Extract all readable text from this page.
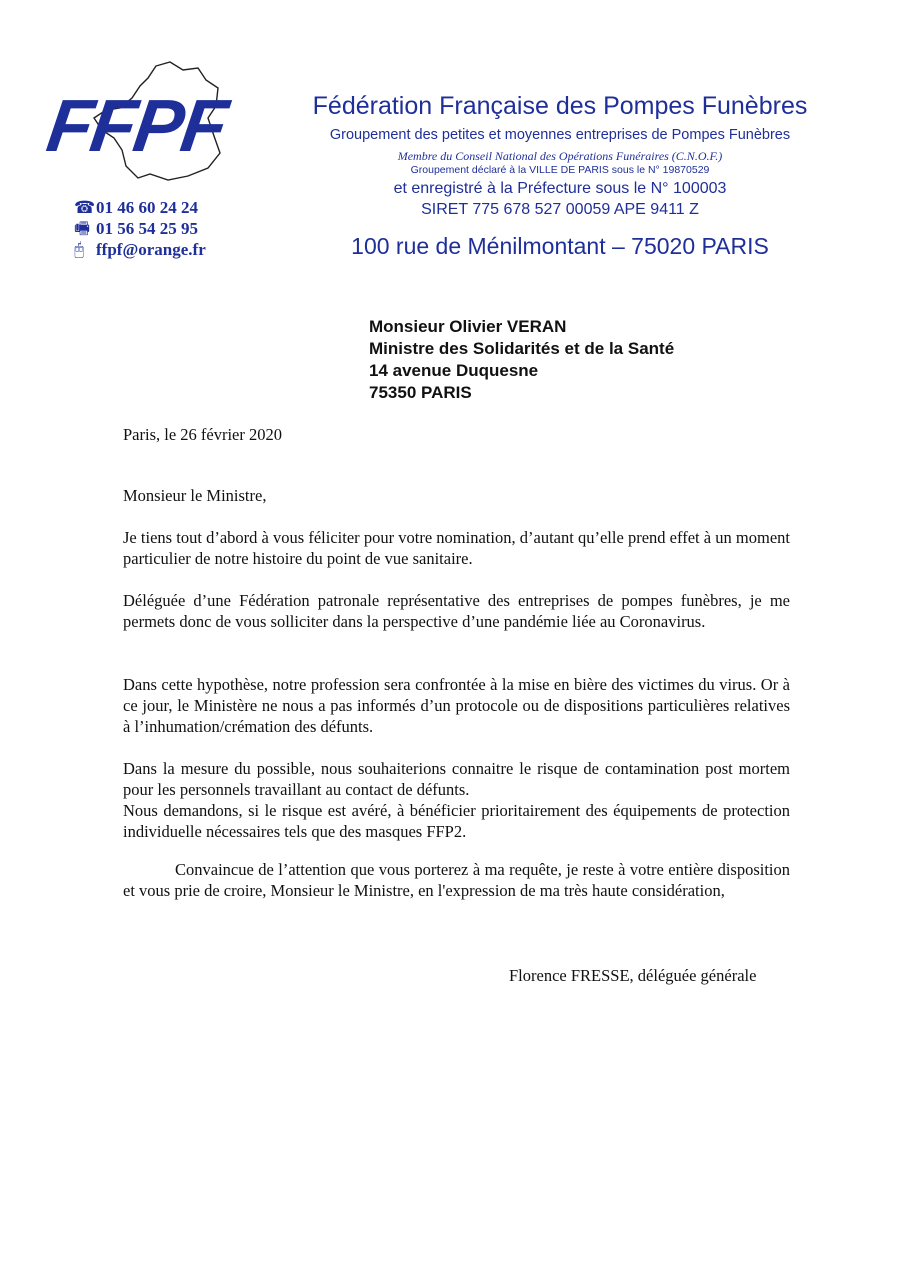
FFPF
☎01 46 60 24 24
🖷 01 56 54 25 95
🖰 ffpf@orange.fr
Fédération Française des Pompes Funèbres
Groupement des petites et moyennes entreprises de Pompes Funèbres
Membre du Conseil National des Opérations Funéraires (C.N.O.F.)
Groupement déclaré à la VILLE DE PARIS sous le N° 19870529
et enregistré à la Préfecture sous le N° 100003
SIRET 775 678 527 00059 APE 9411 Z
100 rue de Ménilmontant – 75020 PARIS
Monsieur Olivier VERAN
Ministre des Solidarités et de la Santé
14 avenue Duquesne
75350 PARIS
Paris, le 26 février 2020
Monsieur le Ministre,
Je tiens tout d’abord à vous féliciter pour votre nomination, d’autant qu’elle prend effet à un moment particulier de notre histoire du point de vue sanitaire.
Déléguée d’une Fédération patronale représentative des entreprises de pompes funèbres, je me permets donc de vous solliciter dans la perspective d’une pandémie liée au Coronavirus.
Dans cette hypothèse, notre profession sera confrontée à la mise en bière des victimes du virus. Or à ce jour, le Ministère ne nous a pas informés d’un protocole ou de dispositions particulières relatives à l’inhumation/crémation des défunts.
Dans la mesure du possible, nous souhaiterions connaitre le risque de contamination post mortem pour les personnels travaillant au contact de défunts.
Nous demandons, si le risque est avéré, à bénéficier prioritairement des équipements de protection individuelle nécessaires tels que des masques FFP2.
Convaincue de l’attention que vous porterez à ma requête, je reste à votre entière disposition et vous prie de croire, Monsieur le Ministre, en l'expression de ma très haute considération,
Florence FRESSE, déléguée générale
